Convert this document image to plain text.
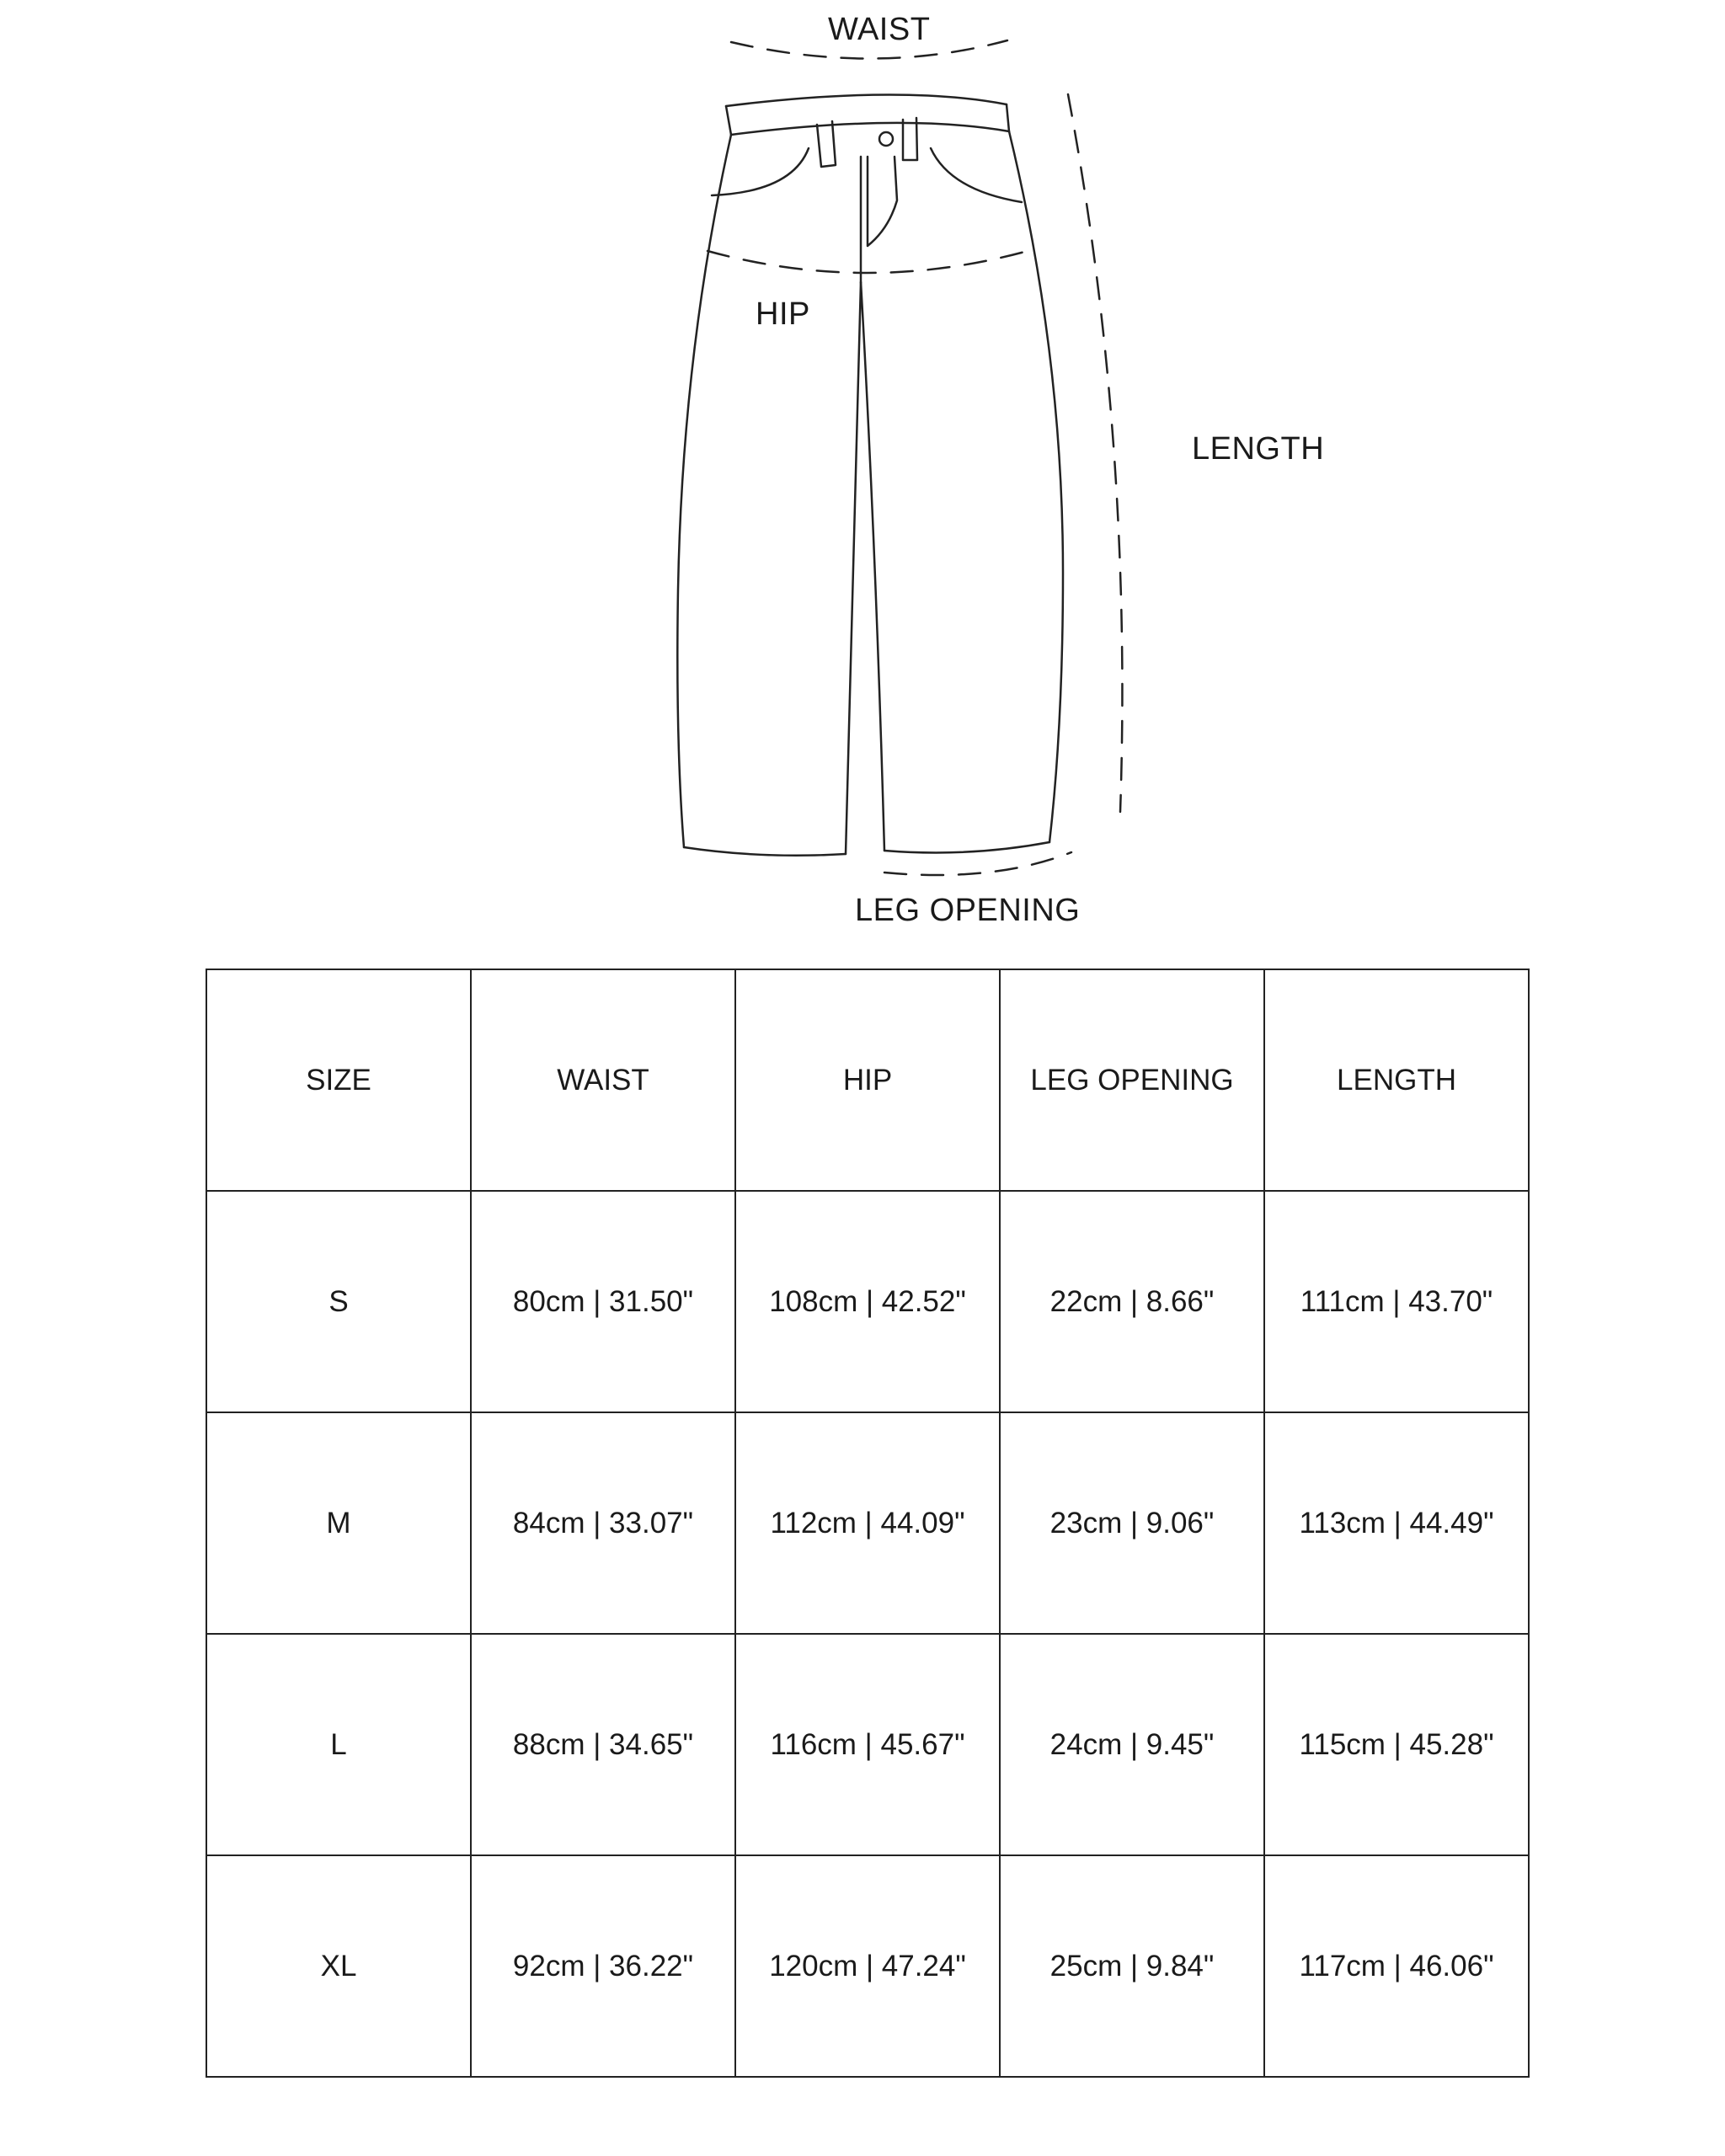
WAIST
HIP
LENGTH
LEG OPENING
SIZE	WAIST	HIP	LEG OPENING	LENGTH
S	80cm | 31.50"	108cm | 42.52"	22cm | 8.66"	111cm | 43.70"
M	84cm | 33.07"	112cm | 44.09"	23cm | 9.06"	113cm | 44.49"
L	88cm | 34.65"	116cm | 45.67"	24cm | 9.45"	115cm | 45.28"
XL	92cm | 36.22"	120cm | 47.24"	25cm | 9.84"	117cm | 46.06"
